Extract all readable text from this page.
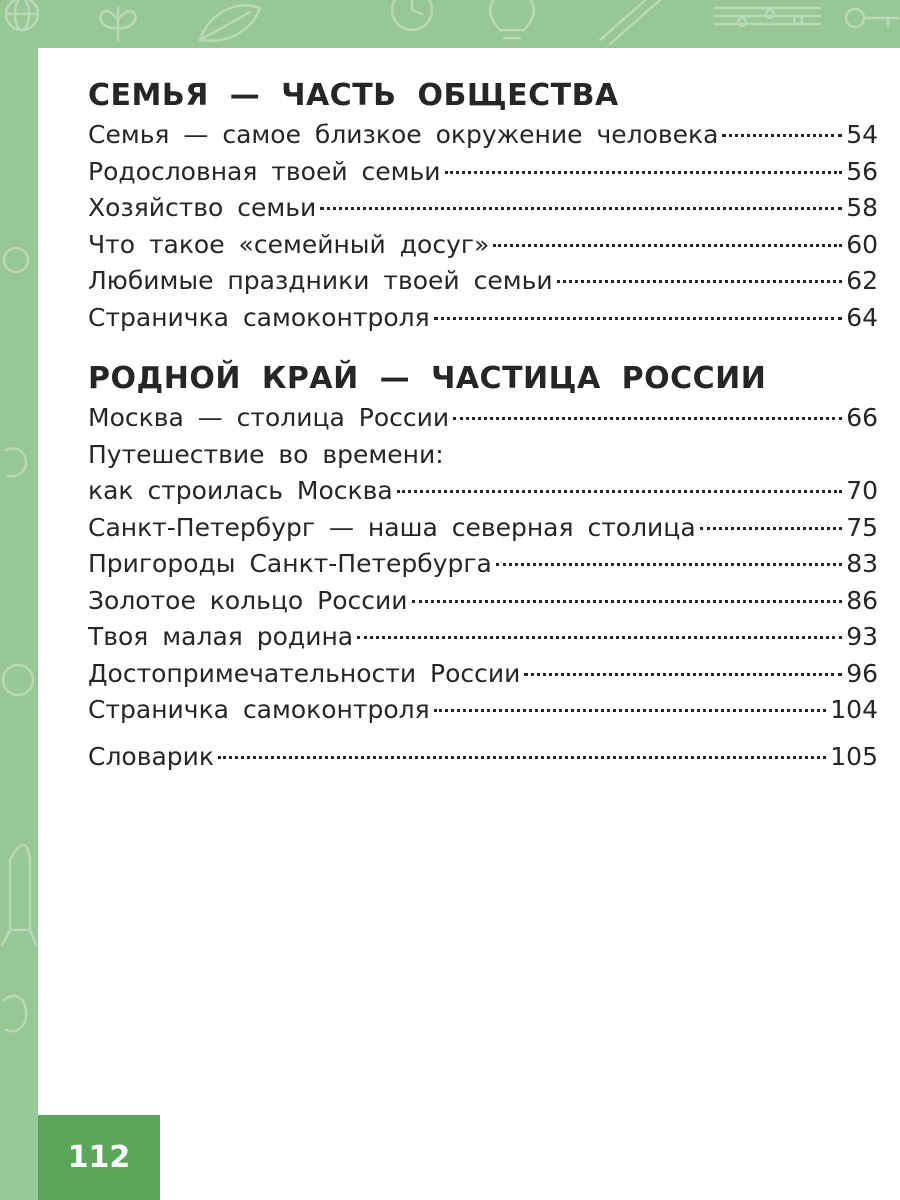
СЕМЬЯ — ЧАСТЬ ОБЩЕСТВА
Семья — самое близкое окружение человека	54
Родословная твоей семьи	56
Хозяйство семьи	58
Что такое «семейный досуг»	60
Любимые праздники твоей семьи	62
Страничка самоконтроля	64
РОДНОЙ КРАЙ — ЧАСТИЦА РОССИИ
Москва — столица России	66
Путешествие во времени:
как строилась Москва	70
Санкт-Петербург — наша северная столица	75
Пригороды Санкт-Петербурга	83
Золотое кольцо России	86
Твоя малая родина	93
Достопримечательности России	96
Страничка самоконтроля	104
Словарик	105
112
